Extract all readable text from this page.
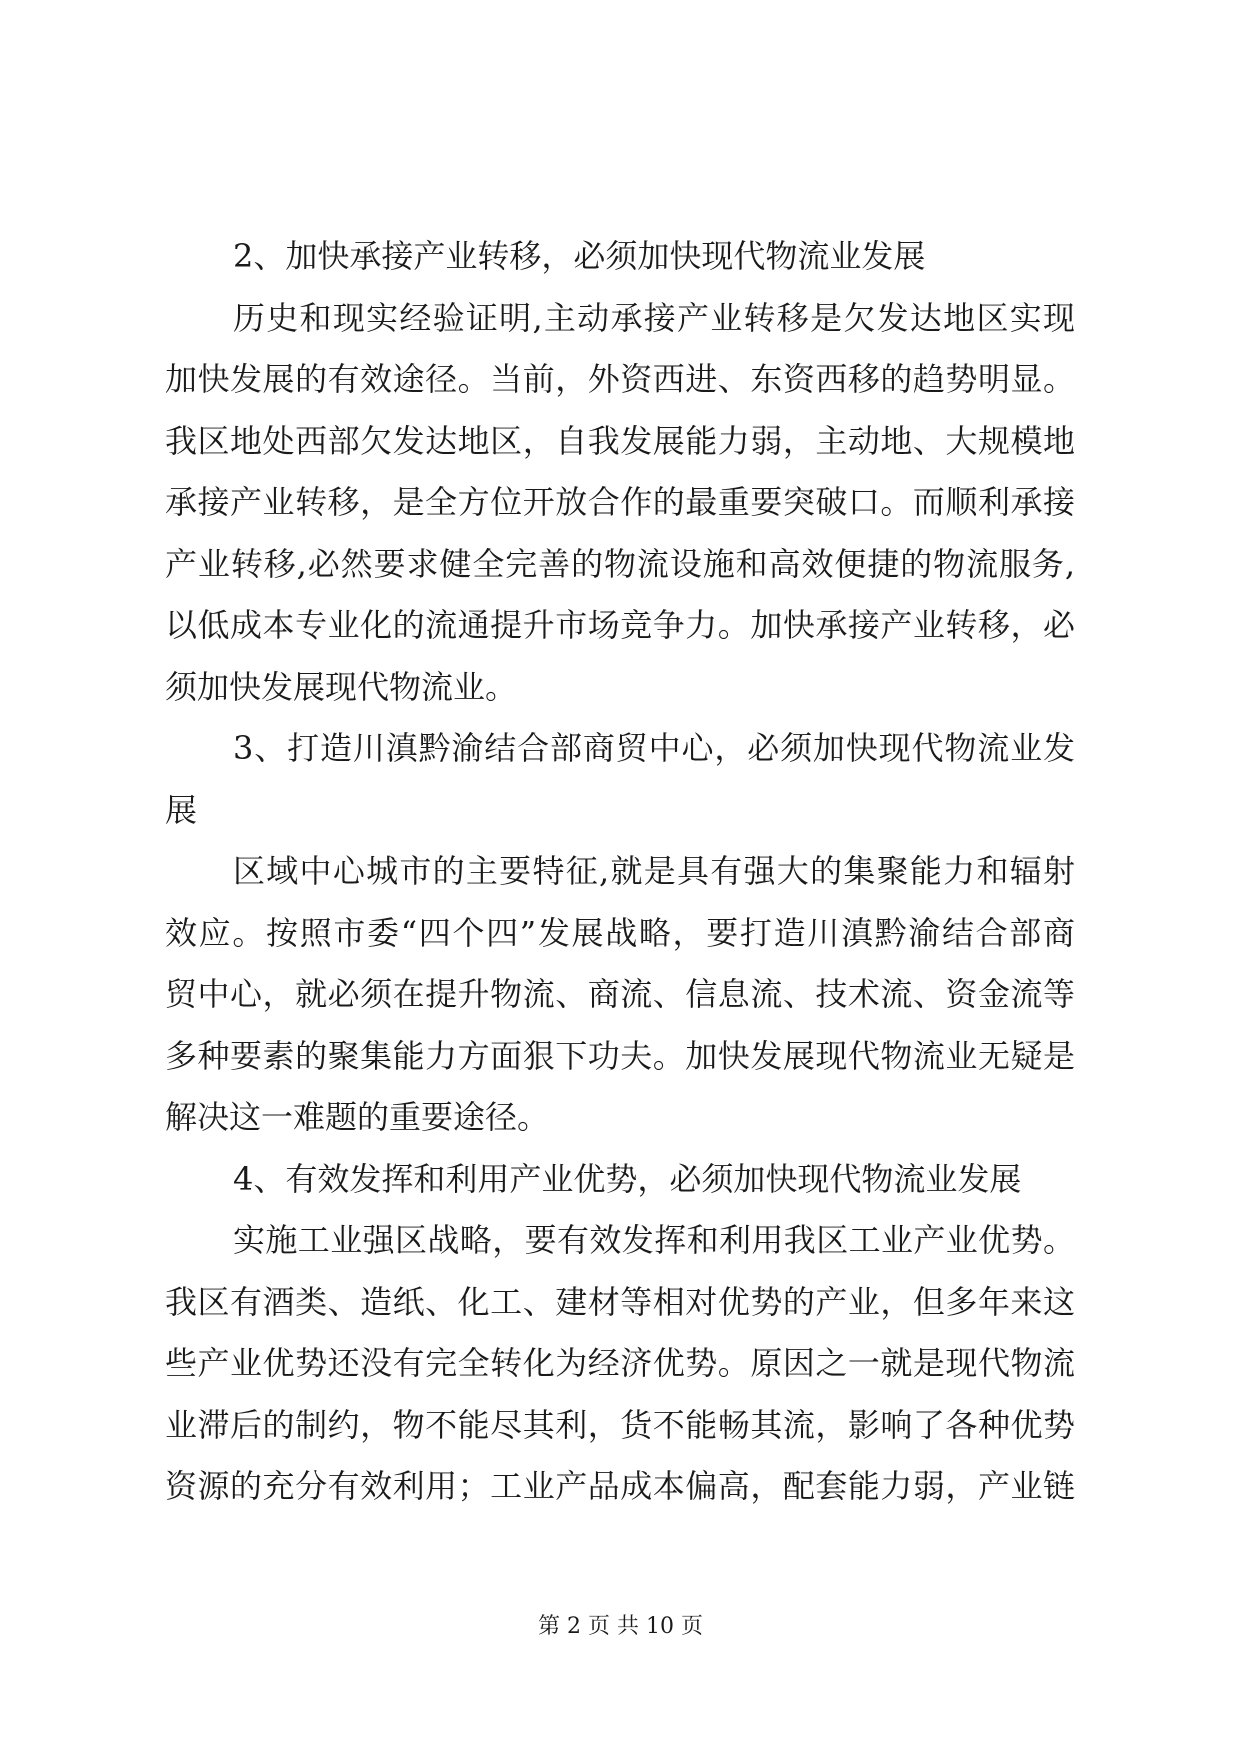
2、加快承接产业转移，必须加快现代物流业发展

历史和现实经验证明,主动承接产业转移是欠发达地区实现
加快发展的有效途径。当前，外资西进、东资西移的趋势明显。
我区地处西部欠发达地区，自我发展能力弱，主动地、大规模地
承接产业转移，是全方位开放合作的最重要突破口。而顺利承接
产业转移,必然要求健全完善的物流设施和高效便捷的物流服务,
以低成本专业化的流通提升市场竞争力。加快承接产业转移，必
须加快发展现代物流业。

3、打造川滇黔渝结合部商贸中心，必须加快现代物流业发
展

区域中心城市的主要特征,就是具有强大的集聚能力和辐射
效应。按照市委“四个四”发展战略，要打造川滇黔渝结合部商
贸中心，就必须在提升物流、商流、信息流、技术流、资金流等
多种要素的聚集能力方面狠下功夫。加快发展现代物流业无疑是
解决这一难题的重要途径。

4、有效发挥和利用产业优势，必须加快现代物流业发展

实施工业强区战略，要有效发挥和利用我区工业产业优势。
我区有酒类、造纸、化工、建材等相对优势的产业，但多年来这
些产业优势还没有完全转化为经济优势。原因之一就是现代物流
业滞后的制约，物不能尽其利，货不能畅其流，影响了各种优势
资源的充分有效利用；工业产品成本偏高，配套能力弱，产业链

第 2 页 共 10 页
